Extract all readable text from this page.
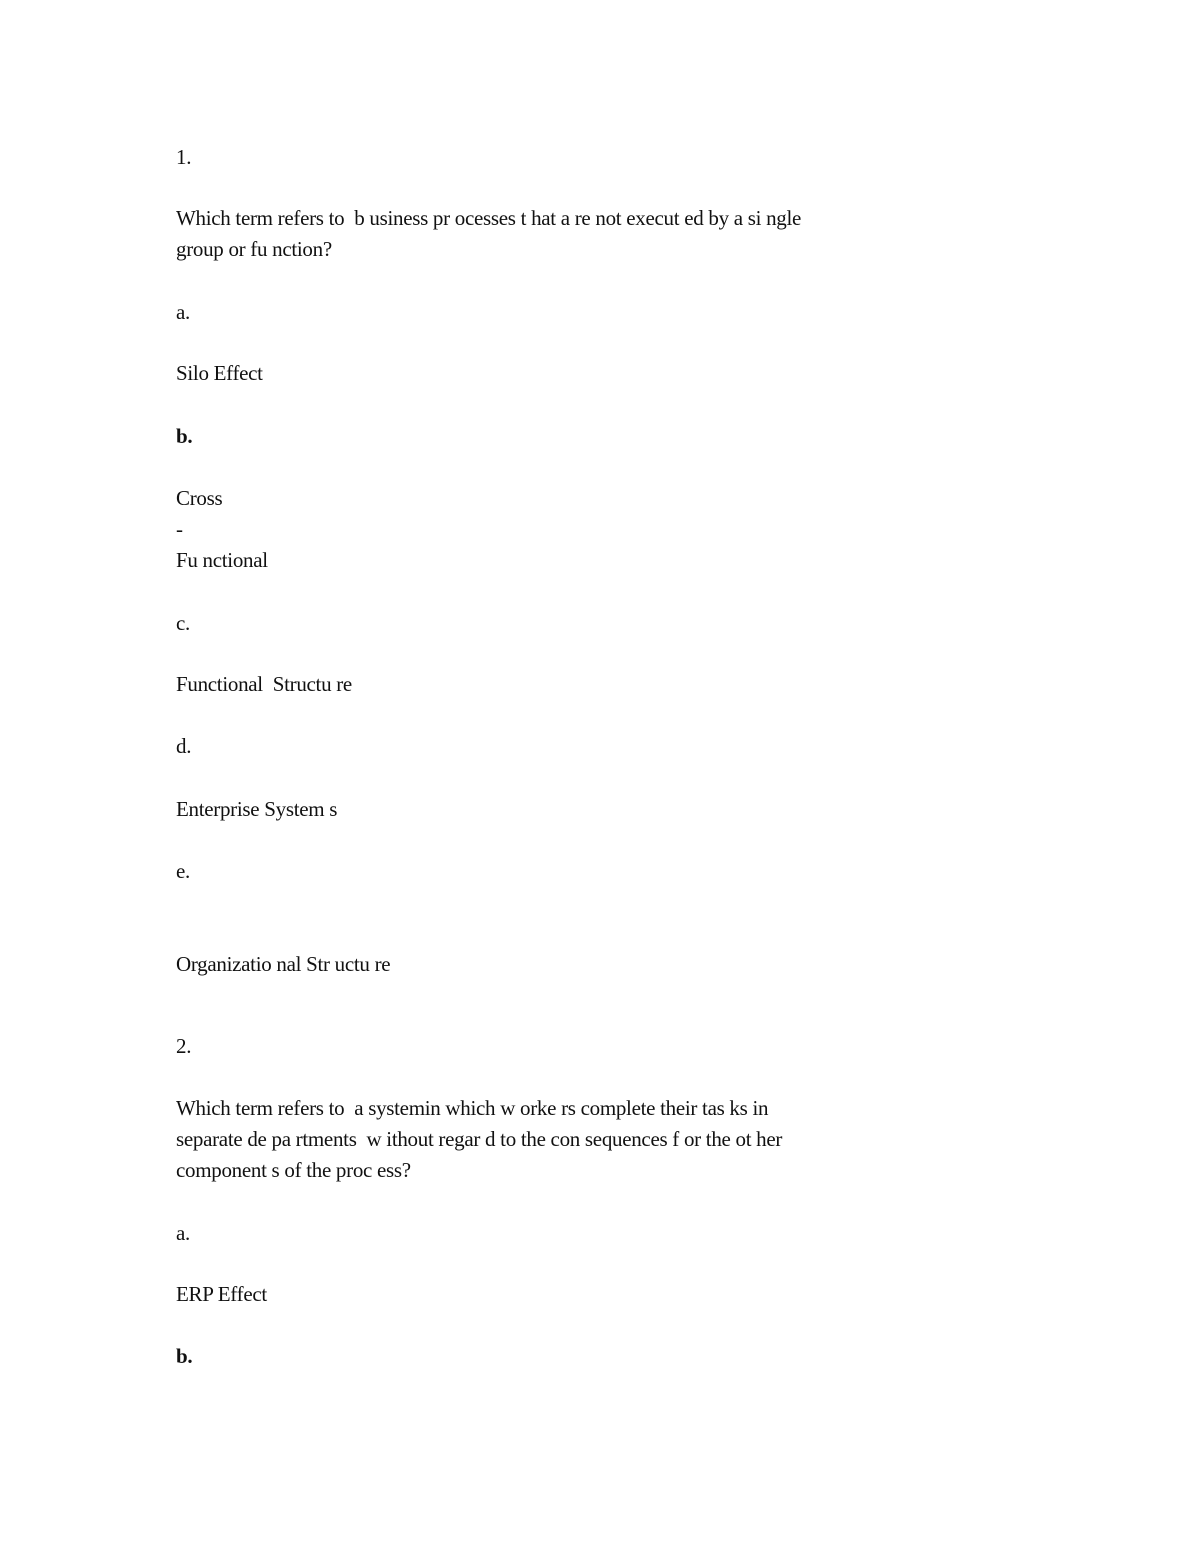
1.
Which term refers to  b usiness pr ocesses t hat a re not execut ed by a si ngle
group or fu nction?
a.
Silo Effect
b.
Cross
-
Fu nctional
c.
Functional  Structu re
d.
Enterprise System s
e.
Organizatio nal Str uctu re
2.
Which term refers to  a systemin which w orke rs complete their tas ks in
separate de pa rtments  w ithout regar d to the con sequences f or the ot her
component s of the proc ess?
a.
ERP Effect
b.
